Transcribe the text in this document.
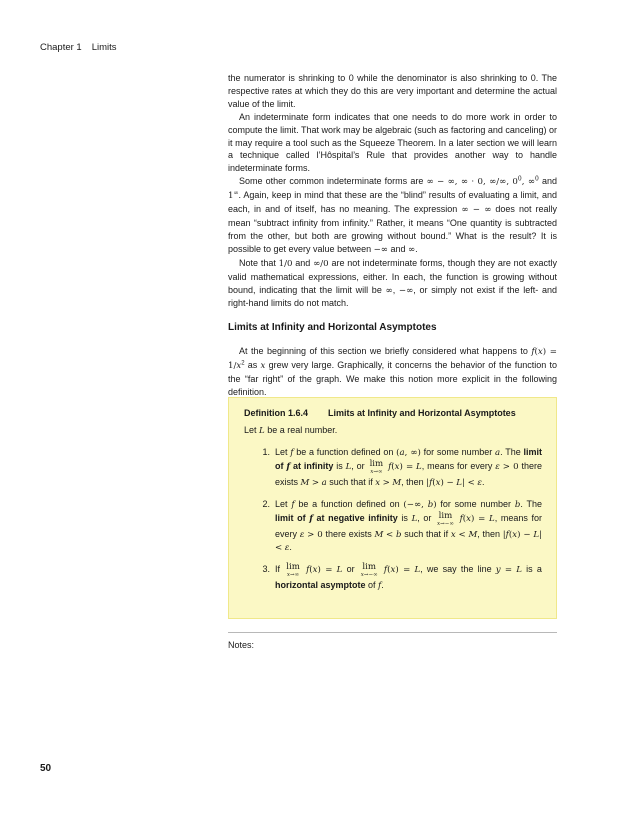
Chapter 1 Limits

the numerator is shrinking to 0 while the denominator is also shrinking to 0. The respective rates at which they do this are very important and determine the actual value of the limit.

An indeterminate form indicates that one needs to do more work in order to compute the limit. That work may be algebraic (such as factoring and canceling) or it may require a tool such as the Squeeze Theorem. In a later section we will learn a technique called l’Hôspital’s Rule that provides another way to handle indeterminate forms.

Some other common indeterminate forms are ∞ − ∞, ∞ · 0, ∞/∞, $0^0$, ∞$^0$ and 1∞. Again, keep in mind that these are the “blind” results of evaluating a limit, and each, in and of itself, has no meaning. The expression ∞ − ∞ does not really mean “subtract infinity from infinity.” Rather, it means “One quantity is subtracted from the other, but both are growing without bound.” What is the result? It is possible to get every value between −∞ and ∞.

Note that 1/0 and ∞/0 are not indeterminate forms, though they are not exactly valid mathematical expressions, either. In each, the function is growing without bound, indicating that the limit will be ∞, −∞, or simply not exist if the left- and right-hand limits do not match.

Limits at Infinity and Horizontal Asymptotes

At the beginning of this section we briefly considered what happens to $f(x) = 1/x^2$ as x grew very large. Graphically, it concerns the behavior of the function to the “far right” of the graph. We make this notion more explicit in the following definition.

Definition 1.6.4 Limits at Infinity and Horizontal Asymptotes
Let L be a real number.
1. Let f be a function defined on (a, ∞) for some number a. The limit of f at infinity is L, or lim
x→∞ f(x) = L, means for every ε > 0 there exists M > a such that if x > M, then |f(x) − L| < ε.
2. Let f be a function defined on (−∞, b) for some number b. The limit of f at negative infinity is L, or lim
x→−∞ f(x) = L, means for every ε > 0 there exists M < b such that if x < M, then |f(x) − L| < ε.
3. If lim
x→∞ f(x) = L or lim
x→−∞ f(x) = L, we say the line y = L is a horizontal asymptote of f.
Notes:
50
